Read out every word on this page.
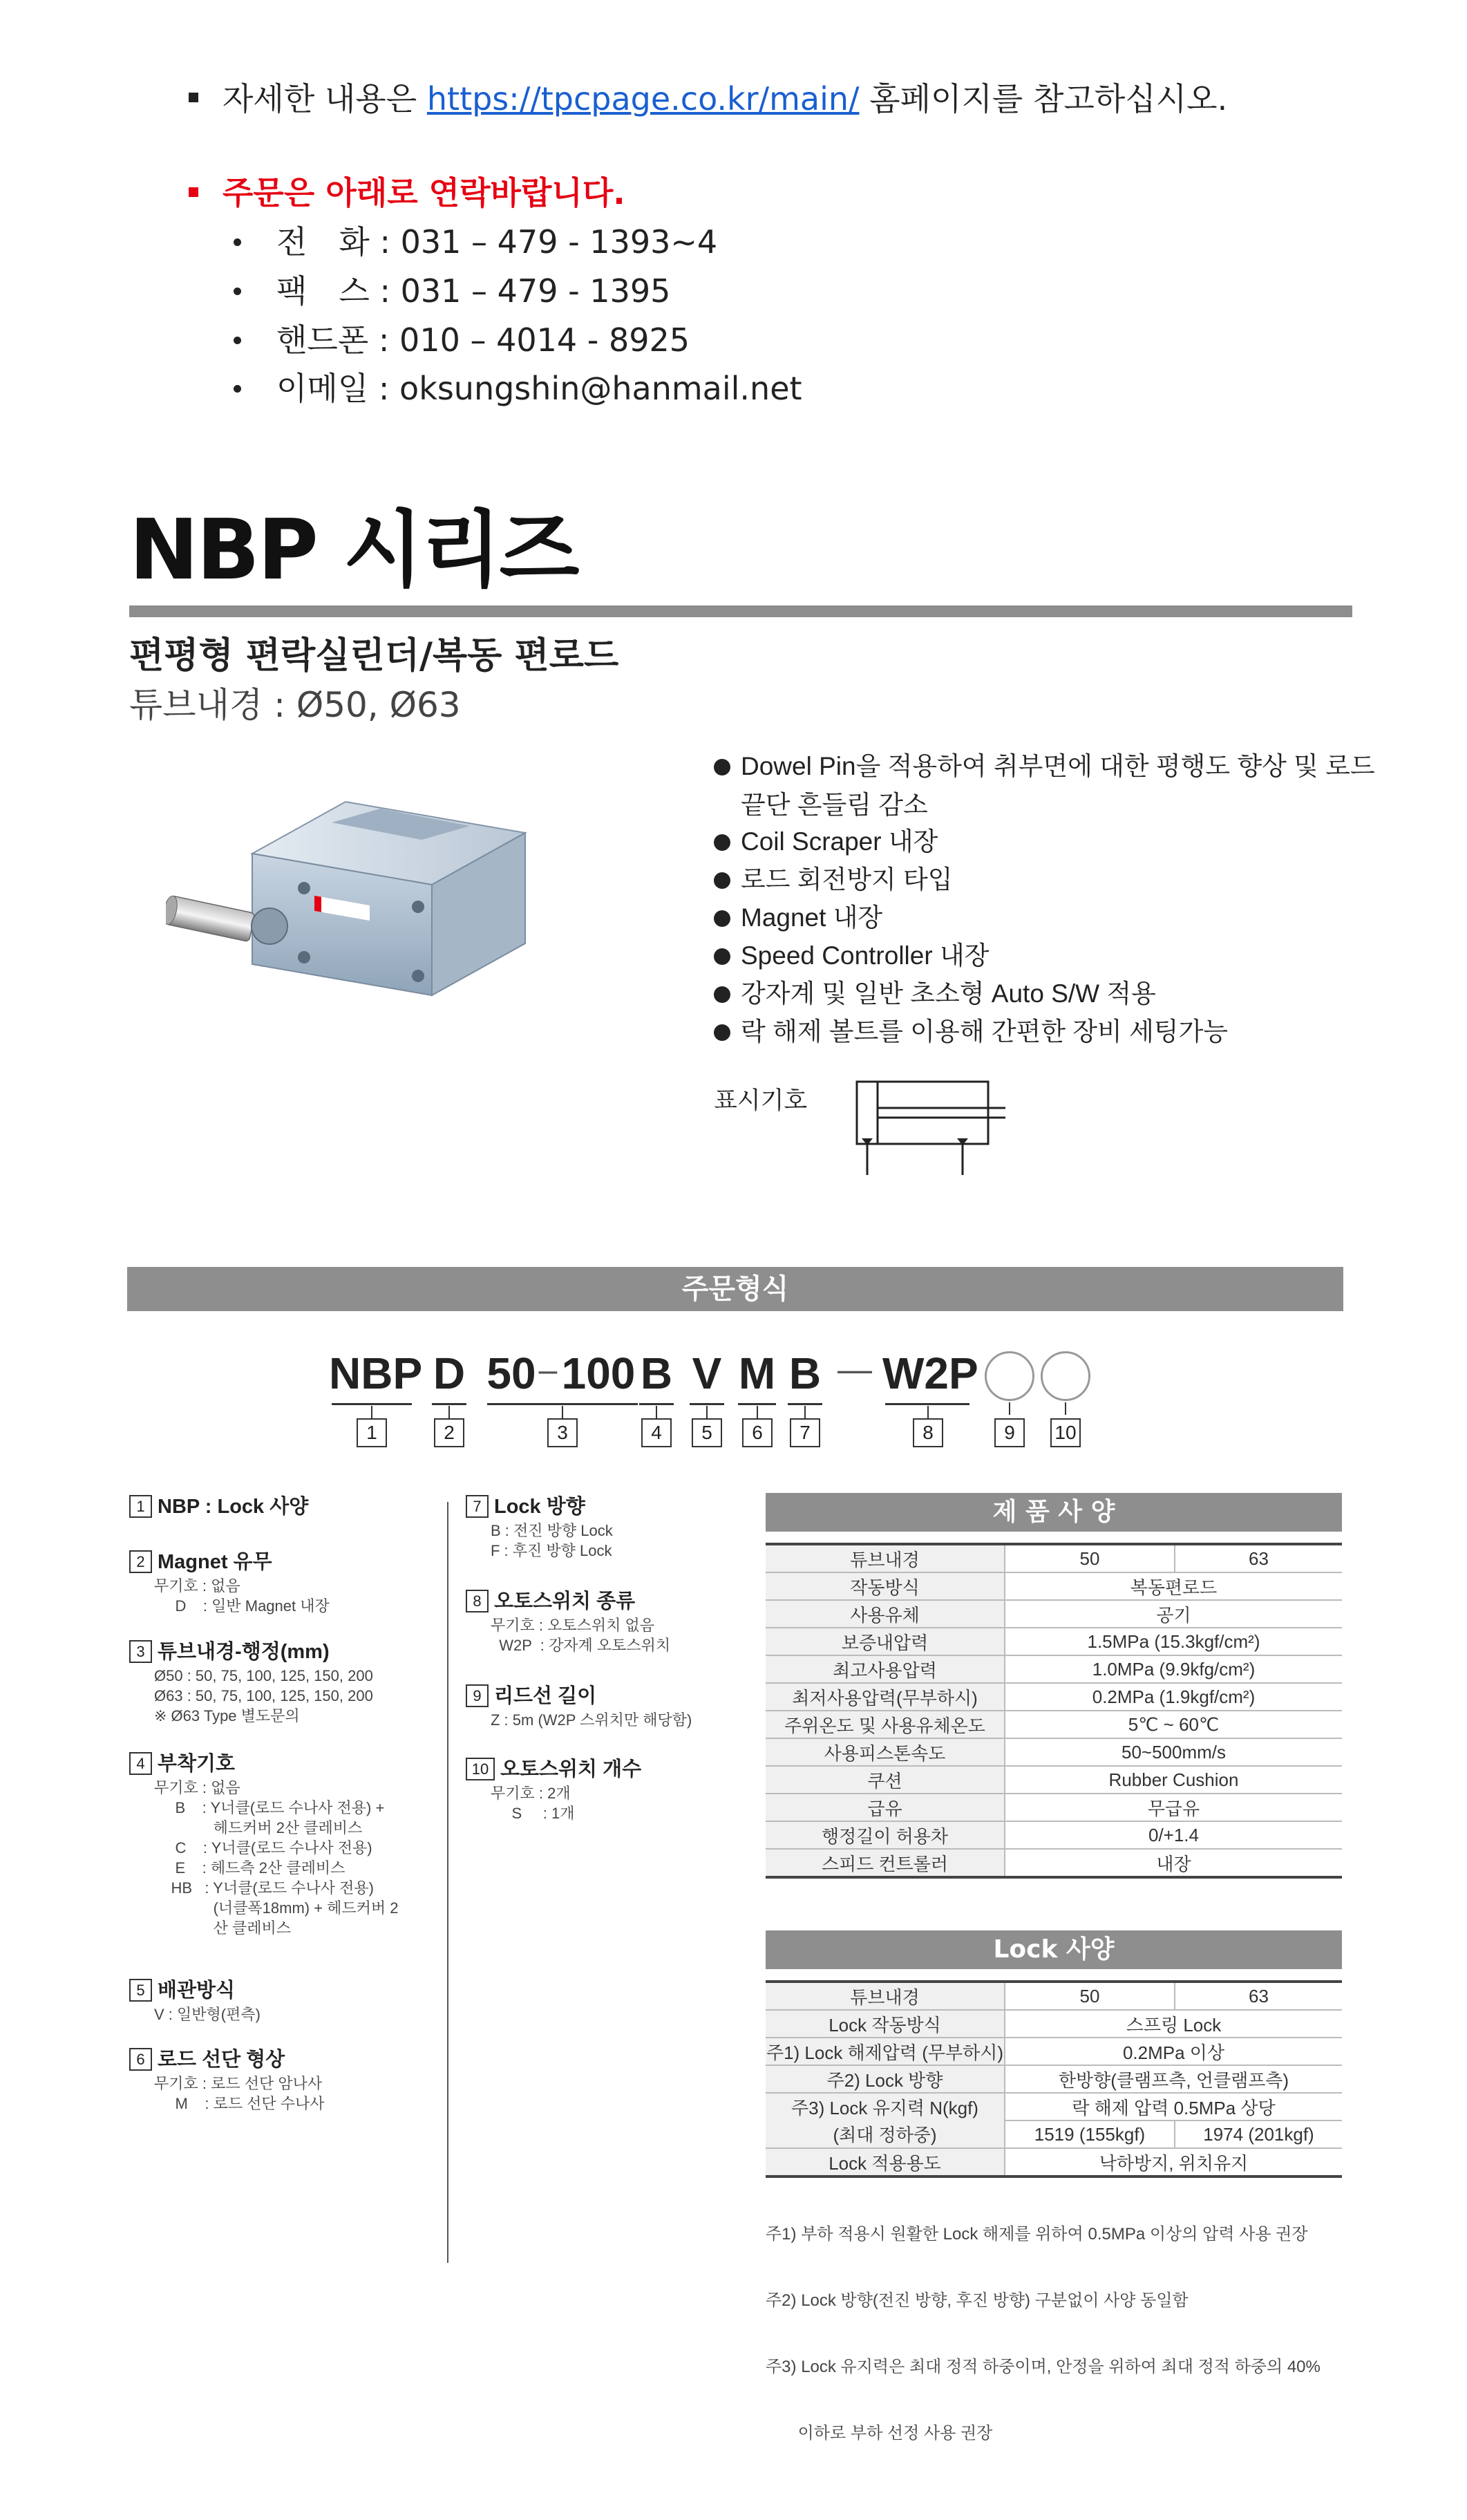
자세한 내용은 https://tpcpage.co.kr/main/ 홈페이지를 참고하십시오.
주문은 아래로 연락바랍니다.
전　화 : 031 – 479 - 1393~4
팩　스 : 031 – 479 - 1395
핸드폰 : 010 – 4014 - 8925
이메일 : oksungshin@hanmail.net
NBP 시리즈
편평형 편락실린더/복동 편로드
튜브내경 : Ø50, Ø63
Dowel Pin을 적용하여 취부면에 대한 평행도 향상 및 로드 끝단 흔들림 감소
Coil Scraper 내장
로드 회전방지 타입
Magnet 내장
Speed Controller 내장
강자계 및 일반 초소형 Auto S/W 적용
락 해제 볼트를 이용해 간편한 장비 세팅가능
표시기호
주문형식
NBP D 50 – 100 B V M B — W2P
1	2	3	4	5	6	7	8	9	10
1 NBP : Lock 사양
2 Magnet 유무
무기호 : 없음
D    : 일반 Magnet 내장
3 튜브내경-행정(mm)
Ø50 : 50, 75, 100, 125, 150, 200
Ø63 : 50, 75, 100, 125, 150, 200
※ Ø63 Type 별도문의
4 부착기호
무기호 : 없음
B    : Y너클(로드 수나사 전용) +
헤드커버 2산 클레비스
C    : Y너클(로드 수나사 전용)
E    : 헤드측 2산 클레비스
HB   : Y너클(로드 수나사 전용)
(너클폭18mm) + 헤드커버 2
산 클레비스
5 배관방식
V : 일반형(편측)
6 로드 선단 형상
무기호 : 로드 선단 암나사
M    : 로드 선단 수나사
7 Lock 방향
B : 전진 방향 Lock
F : 후진 방향 Lock
8 오토스위치 종류
무기호 : 오토스위치 없음
W2P  : 강자계 오토스위치
9 리드선 길이
Z : 5m (W2P 스위치만 해당함)
10 오토스위치 개수
무기호 : 2개
S     : 1개
제 품 사 양
튜브내경	50	63
작동방식	복동편로드	
사용유체	공기	
보증내압력	1.5MPa (15.3kgf/cm²)	
최고사용압력	1.0MPa (9.9kfg/cm²)	
최저사용압력(무부하시)	0.2MPa (1.9kgf/cm²)	
주위온도 및 사용유체온도	5℃ ~ 60℃	
사용피스톤속도	50~500mm/s	
쿠션	Rubber Cushion	
급유	무급유	
행정길이 허용차	0/+1.4	
스피드 컨트롤러	내장	
Lock 사양
튜브내경	50	63
Lock 작동방식	스프링 Lock	
주1) Lock 해제압력 (무부하시)	0.2MPa 이상	
주2) Lock 방향	한방향(클램프측, 언클램프측)	
주3) Lock 유지력 N(kgf)	락 해제 압력 0.5MPa 상당	
(최대 정하중)	1519 (155kgf)	1974 (201kgf)
Lock 적용용도	낙하방지, 위치유지	

주1) 부하 적용시 원활한 Lock 해제를 위하여 0.5MPa 이상의 압력 사용 권장

주2) Lock 방향(전진 방향, 후진 방향) 구분없이 사양 동일함

주3) Lock 유지력은 최대 정적 하중이며, 안정을 위하여 최대 정적 하중의 40%

이하로 부하 선정 사용 권장
